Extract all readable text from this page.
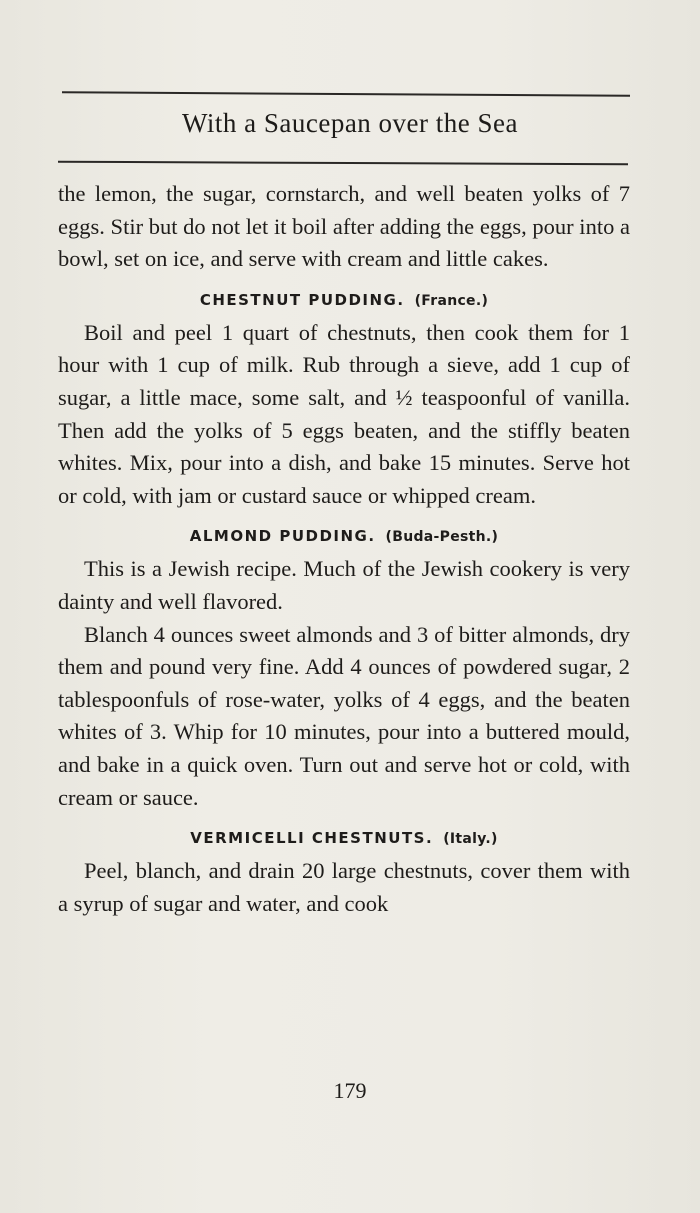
With a Saucepan over the Sea

the lemon, the sugar, cornstarch, and well beaten yolks of 7 eggs. Stir but do not let it boil after adding the eggs, pour into a bowl, set on ice, and serve with cream and little cakes.

CHESTNUT PUDDING. (France.)

Boil and peel 1 quart of chestnuts, then cook them for 1 hour with 1 cup of milk. Rub through a sieve, add 1 cup of sugar, a little mace, some salt, and ½ teaspoonful of vanilla. Then add the yolks of 5 eggs beaten, and the stiffly beaten whites. Mix, pour into a dish, and bake 15 minutes. Serve hot or cold, with jam or custard sauce or whipped cream.

ALMOND PUDDING. (Buda-Pesth.)

This is a Jewish recipe. Much of the Jewish cookery is very dainty and well flavored.

Blanch 4 ounces sweet almonds and 3 of bitter almonds, dry them and pound very fine. Add 4 ounces of powdered sugar, 2 tablespoonfuls of rose-water, yolks of 4 eggs, and the beaten whites of 3. Whip for 10 minutes, pour into a buttered mould, and bake in a quick oven. Turn out and serve hot or cold, with cream or sauce.

VERMICELLI CHESTNUTS. (Italy.)

Peel, blanch, and drain 20 large chestnuts, cover them with a syrup of sugar and water, and cook

179
